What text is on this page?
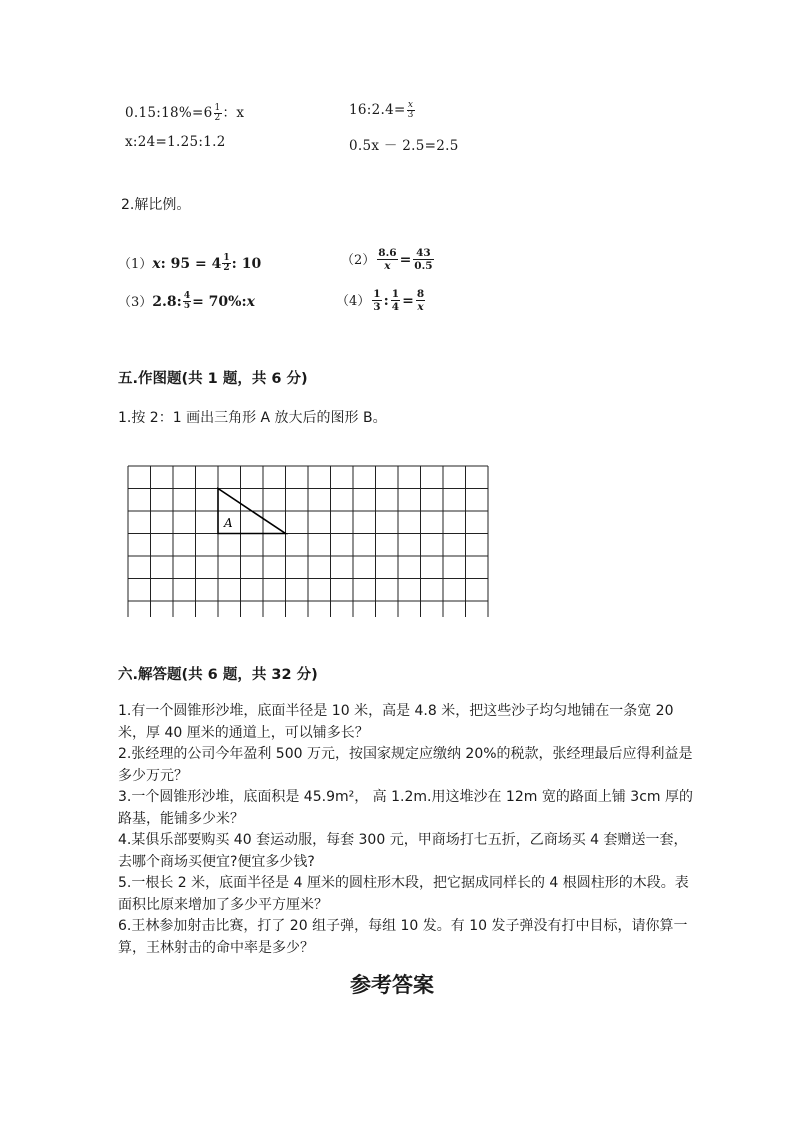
0.15:18%=6 $\frac{1}{2}$ ：x	16:2.4= $\frac{x}{3}$
x:24=1.25:1.2	0.5x － 2.5=2.5
2.解比例。
（1）x: $95 = 4 \frac{1}{2}$ : 10	$(2) \frac{8.6}{x} = \frac{43}{0.5}$
（3）2.8: $\frac{4}{5}$ = 70%:x	$(4) \frac{1}{3}$ : $\frac{1}{4} = \frac{8}{x}$
五.作图题(共 1 题，共 6 分)
1.按 2：1 画出三角形 A 放大后的图形 B。
A
六.解答题(共 6 题，共 32 分)

1.有一个圆锥形沙堆，底面半径是 10 米，高是 4.8 米，把这些沙子均匀地铺在一条宽 20 米，厚 40 厘米的通道上，可以铺多长？

2.张经理的公司今年盈利 500 万元，按国家规定应缴纳 20%的税款，张经理最后应得利益是多少万元？

3.一个圆锥形沙堆，底面积是 45.9m²， 高 1.2m.用这堆沙在 12m 宽的路面上铺 3cm 厚的路基，能铺多少米？

4.某俱乐部要购买 40 套运动服，每套 300 元，甲商场打七五折，乙商场买 4 套赠送一套，去哪个商场买便宜?便宜多少钱?

5.一根长 2 米，底面半径是 4 厘米的圆柱形木段，把它据成同样长的 4 根圆柱形的木段。表面积比原来增加了多少平方厘米？

6.王林参加射击比赛，打了 20 组子弹，每组 10 发。有 10 发子弹没有打中目标，请你算一算，王林射击的命中率是多少？

参考答案
